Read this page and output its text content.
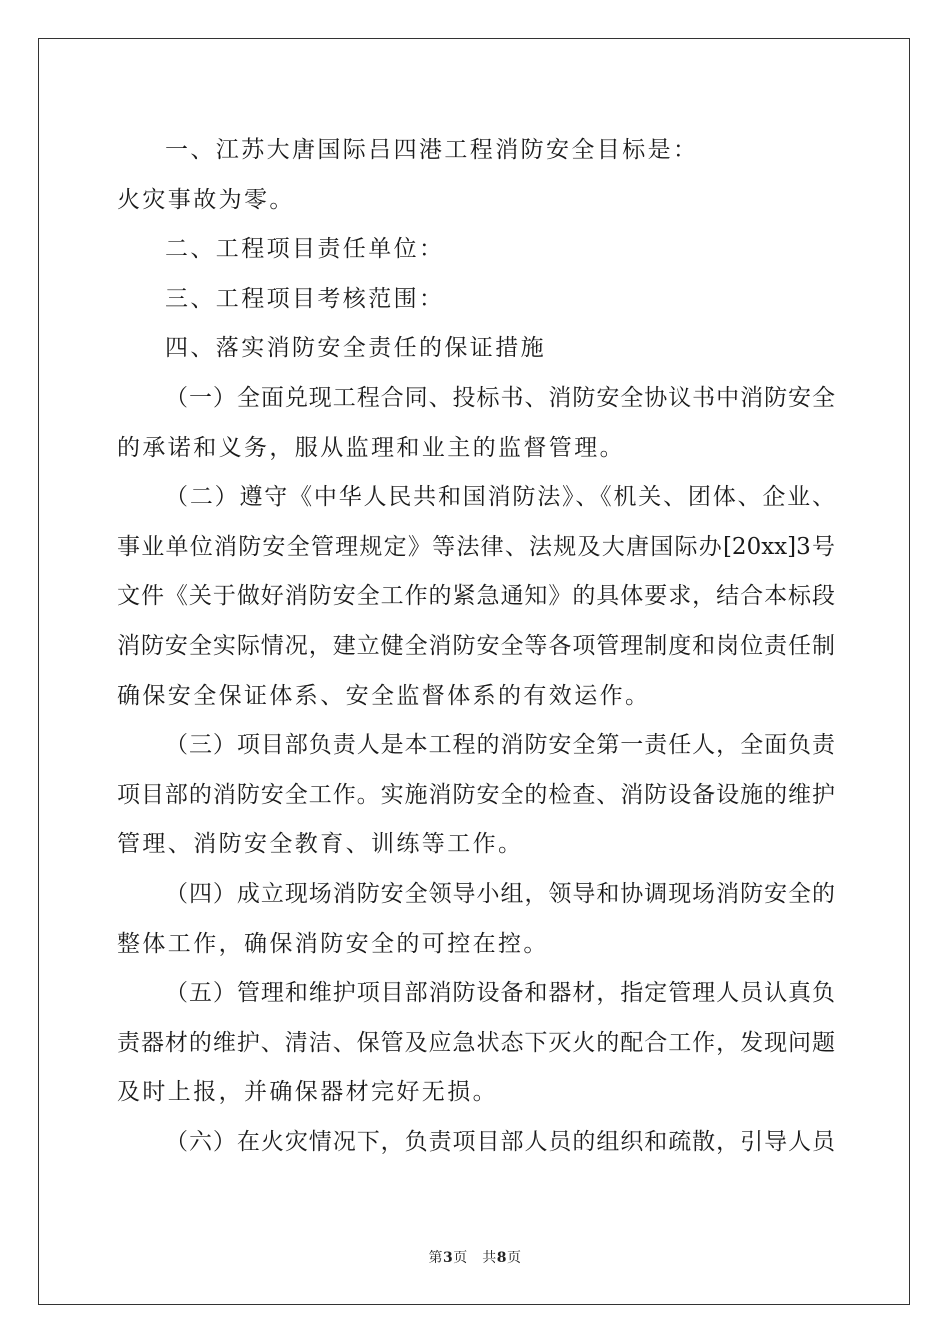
一、江苏大唐国际吕四港工程消防安全目标是：
火灾事故为零。
二、工程项目责任单位：
三、工程项目考核范围：
四、落实消防安全责任的保证措施
（一）全面兑现工程合同、投标书、消防安全协议书中消防安全
的承诺和义务，服从监理和业主的监督管理。
（二）遵守《中华人民共和国消防法》、《机关、团体、企业、
事业单位消防安全管理规定》等法律、法规及大唐国际办[20xx]3号
文件《关于做好消防安全工作的紧急通知》的具体要求，结合本标段
消防安全实际情况，建立健全消防安全等各项管理制度和岗位责任制
确保安全保证体系、安全监督体系的有效运作。
（三）项目部负责人是本工程的消防安全第一责任人，全面负责
项目部的消防安全工作。实施消防安全的检查、消防设备设施的维护
管理、消防安全教育、训练等工作。
（四）成立现场消防安全领导小组，领导和协调现场消防安全的
整体工作，确保消防安全的可控在控。
（五）管理和维护项目部消防设备和器材，指定管理人员认真负
责器材的维护、清洁、保管及应急状态下灭火的配合工作，发现问题
及时上报，并确保器材完好无损。
（六）在火灾情况下，负责项目部人员的组织和疏散，引导人员
第3页　共8页
